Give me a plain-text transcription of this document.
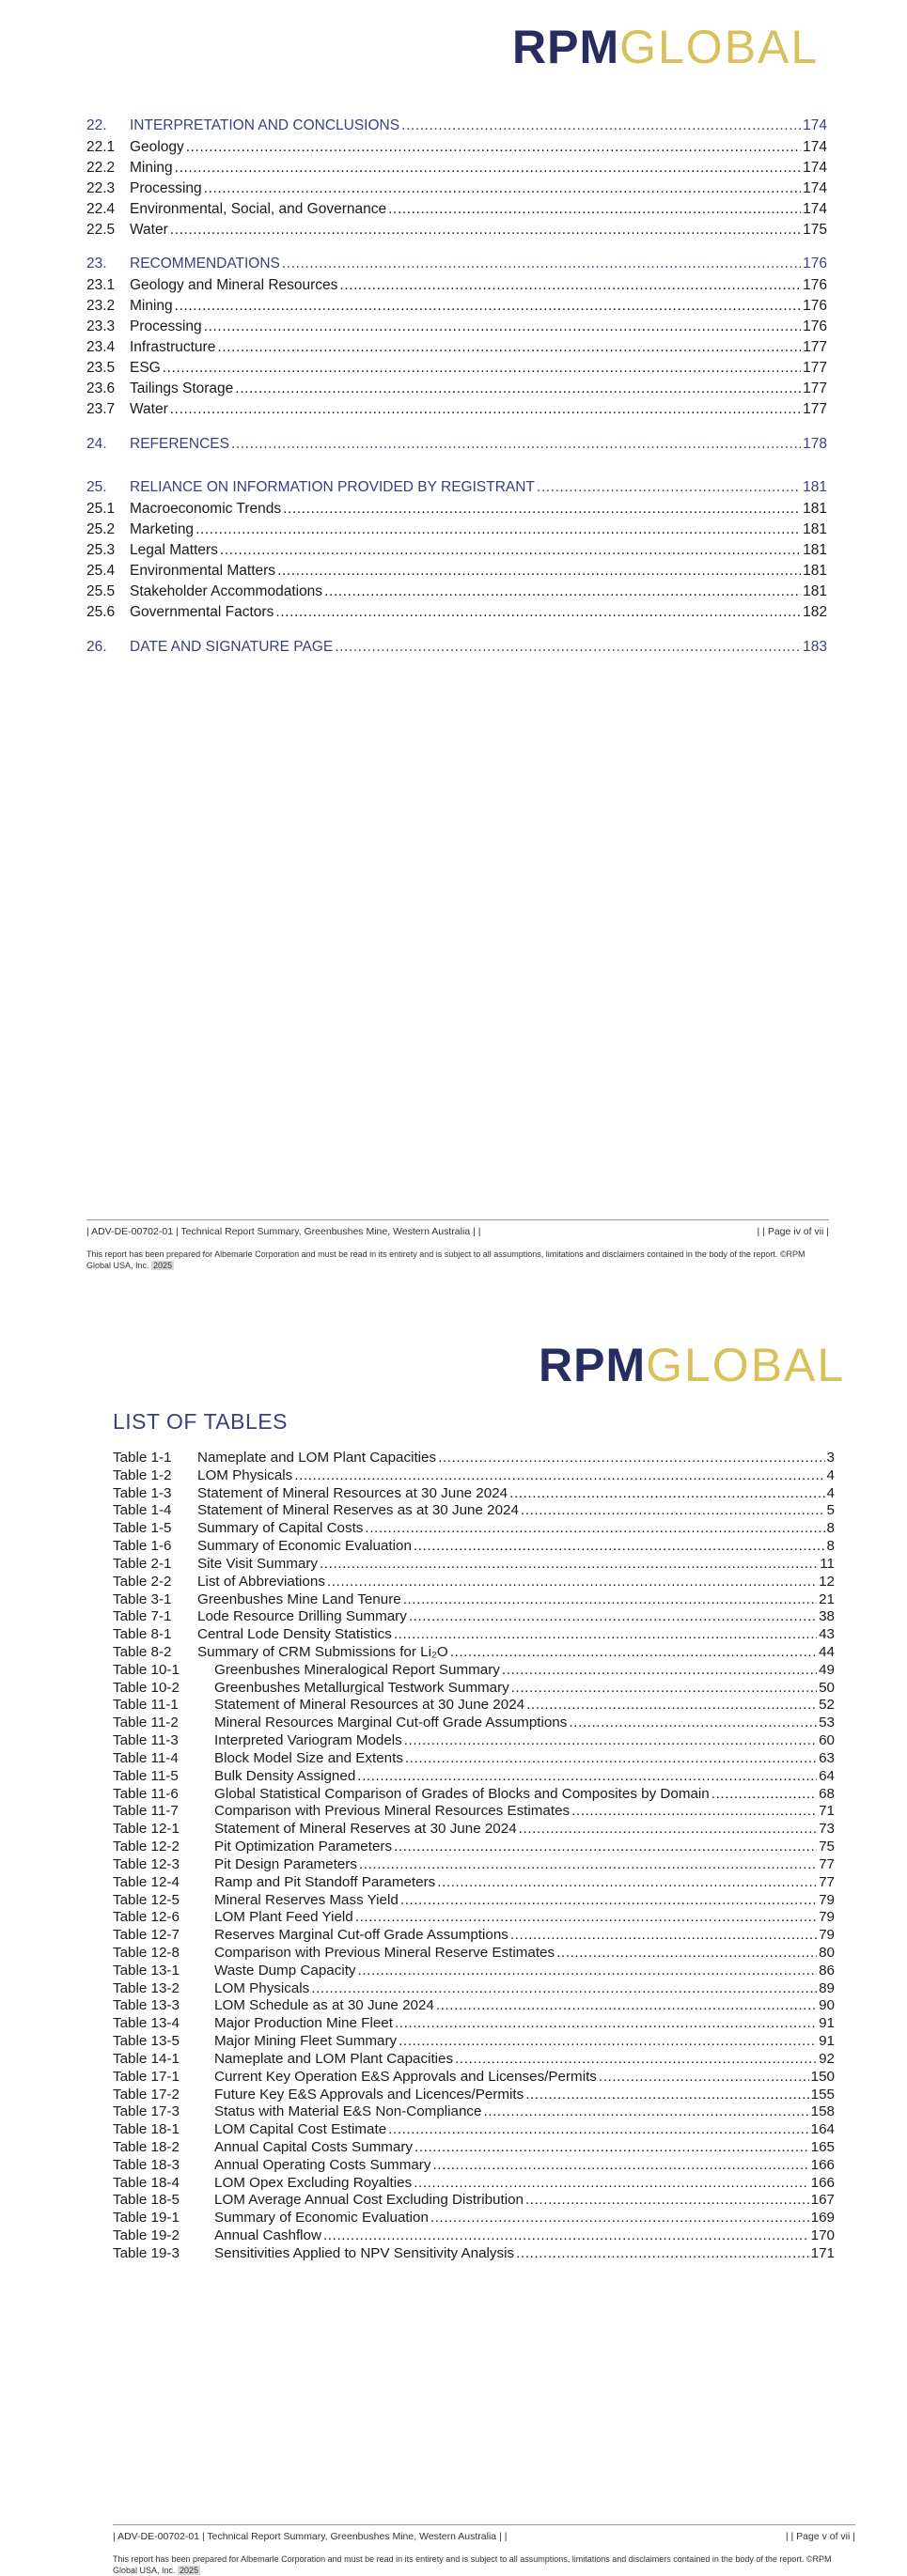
RPMGLOBAL
22.	INTERPRETATION AND CONCLUSIONS .....	174
22.1	Geology .....	174
22.2	Mining .....	174
22.3	Processing .....	174
22.4	Environmental, Social, and Governance .....	174
22.5	Water .....	175
23.	RECOMMENDATIONS .....	176
23.1	Geology and Mineral Resources .....	176
23.2	Mining .....	176
23.3	Processing .....	176
23.4	Infrastructure .....	177
23.5	ESG .....	177
23.6	Tailings Storage .....	177
23.7	Water .....	177
24.	REFERENCES .....	178
25.	RELIANCE ON INFORMATION PROVIDED BY REGISTRANT .....	181
25.1	Macroeconomic Trends .....	181
25.2	Marketing .....	181
25.3	Legal Matters .....	181
25.4	Environmental Matters .....	181
25.5	Stakeholder Accommodations .....	181
25.6	Governmental Factors .....	182
26.	DATE AND SIGNATURE PAGE .....	183
| ADV-DE-00702-01 | Technical Report Summary, Greenbushes Mine, Western Australia | |	| | Page iv of vii |
This report has been prepared for Albemarle Corporation and must be read in its entirety and is subject to all assumptions, limitations and disclaimers contained in the body of the report. ©RPM Global USA, Inc. 2025
RPMGLOBAL
LIST OF TABLES
Table 1-1	Nameplate and LOM Plant Capacities .....	3
Table 1-2	LOM Physicals .....	4
Table 1-3	Statement of Mineral Resources at 30 June 2024 .....	4
Table 1-4	Statement of Mineral Reserves as at 30 June 2024 .....	5
Table 1-5	Summary of Capital Costs .....	8
Table 1-6	Summary of Economic Evaluation .....	8
Table 2-1	Site Visit Summary .....	11
Table 2-2	List of Abbreviations .....	12
Table 3-1	Greenbushes Mine Land Tenure .....	21
Table 7-1	Lode Resource Drilling Summary .....	38
Table 8-1	Central Lode Density Statistics .....	43
Table 8-2	Summary of CRM Submissions for Li₂O .....	44
Table 10-1	Greenbushes Mineralogical Report Summary .....	49
Table 10-2	Greenbushes Metallurgical Testwork Summary .....	50
Table 11-1	Statement of Mineral Resources at 30 June 2024 .....	52
Table 11-2	Mineral Resources Marginal Cut-off Grade Assumptions .....	53
Table 11-3	Interpreted Variogram Models .....	60
Table 11-4	Block Model Size and Extents .....	63
Table 11-5	Bulk Density Assigned .....	64
Table 11-6	Global Statistical Comparison of Grades of Blocks and Composites by Domain .....	68
Table 11-7	Comparison with Previous Mineral Resources Estimates .....	71
Table 12-1	Statement of Mineral Reserves at 30 June 2024 .....	73
Table 12-2	Pit Optimization Parameters .....	75
Table 12-3	Pit Design Parameters .....	77
Table 12-4	Ramp and Pit Standoff Parameters .....	77
Table 12-5	Mineral Reserves Mass Yield .....	79
Table 12-6	LOM Plant Feed Yield .....	79
Table 12-7	Reserves Marginal Cut-off Grade Assumptions .....	79
Table 12-8	Comparison with Previous Mineral Reserve Estimates .....	80
Table 13-1	Waste Dump Capacity .....	86
Table 13-2	LOM Physicals .....	89
Table 13-3	LOM Schedule as at 30 June 2024 .....	90
Table 13-4	Major Production Mine Fleet .....	91
Table 13-5	Major Mining Fleet Summary .....	91
Table 14-1	Nameplate and LOM Plant Capacities .....	92
Table 17-1	Current Key Operation E&S Approvals and Licenses/Permits .....	150
Table 17-2	Future Key E&S Approvals and Licences/Permits .....	155
Table 17-3	Status with Material E&S Non-Compliance .....	158
Table 18-1	LOM Capital Cost Estimate .....	164
Table 18-2	Annual Capital Costs Summary .....	165
Table 18-3	Annual Operating Costs Summary .....	166
Table 18-4	LOM Opex Excluding Royalties .....	166
Table 18-5	LOM Average Annual Cost Excluding Distribution .....	167
Table 19-1	Summary of Economic Evaluation .....	169
Table 19-2	Annual Cashflow .....	170
Table 19-3	Sensitivities Applied to NPV Sensitivity Analysis .....	171
| ADV-DE-00702-01 | Technical Report Summary, Greenbushes Mine, Western Australia | |	| | Page v of vii |
This report has been prepared for Albemarle Corporation and must be read in its entirety and is subject to all assumptions, limitations and disclaimers contained in the body of the report. ©RPM Global USA, Inc. 2025
